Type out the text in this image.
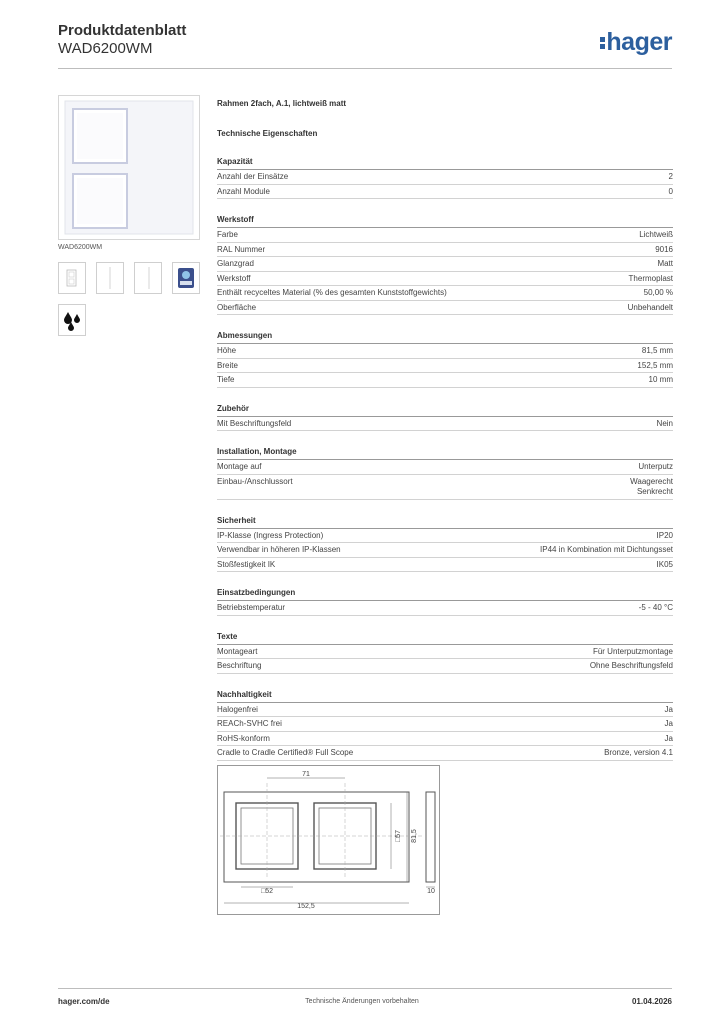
Produktdatenblatt
WAD6200WM	hager
WAD6200WM
Rahmen 2fach, A.1, lichtweiß matt
Technische Eigenschaften
Kapazität
Anzahl der Einsätze	2
Anzahl Module	0
Werkstoff
Farbe	Lichtweiß
RAL Nummer	9016
Glanzgrad	Matt
Werkstoff	Thermoplast
Enthält recyceltes Material (% des gesamten Kunststoffgewichts)	50,00 %
Oberfläche	Unbehandelt
Abmessungen
Höhe	81,5 mm
Breite	152,5 mm
Tiefe	10 mm
Zubehör
Mit Beschriftungsfeld	Nein
Installation, Montage
Montage auf	Unterputz
Einbau-/Anschlussort	Waagerecht
Senkrecht
Sicherheit
IP-Klasse (Ingress Protection)	IP20
Verwendbar in höheren IP-Klassen	IP44 in Kombination mit Dichtungsset
Stoßfestigkeit IK	IK05
Einsatzbedingungen
Betriebstemperatur	-5 - 40 °C
Texte
Montageart	Für Unterputzmontage
Beschriftung	Ohne Beschriftungsfeld
Nachhaltigkeit
Halogenfrei	Ja
REACh-SVHC frei	Ja
RoHS-konform	Ja
Cradle to Cradle Certified® Full Scope	Bronze, version 4.1
71
□57 81,5
10
□52
152,5
hager.com/de	Technische Änderungen vorbehalten	01.04.2026
